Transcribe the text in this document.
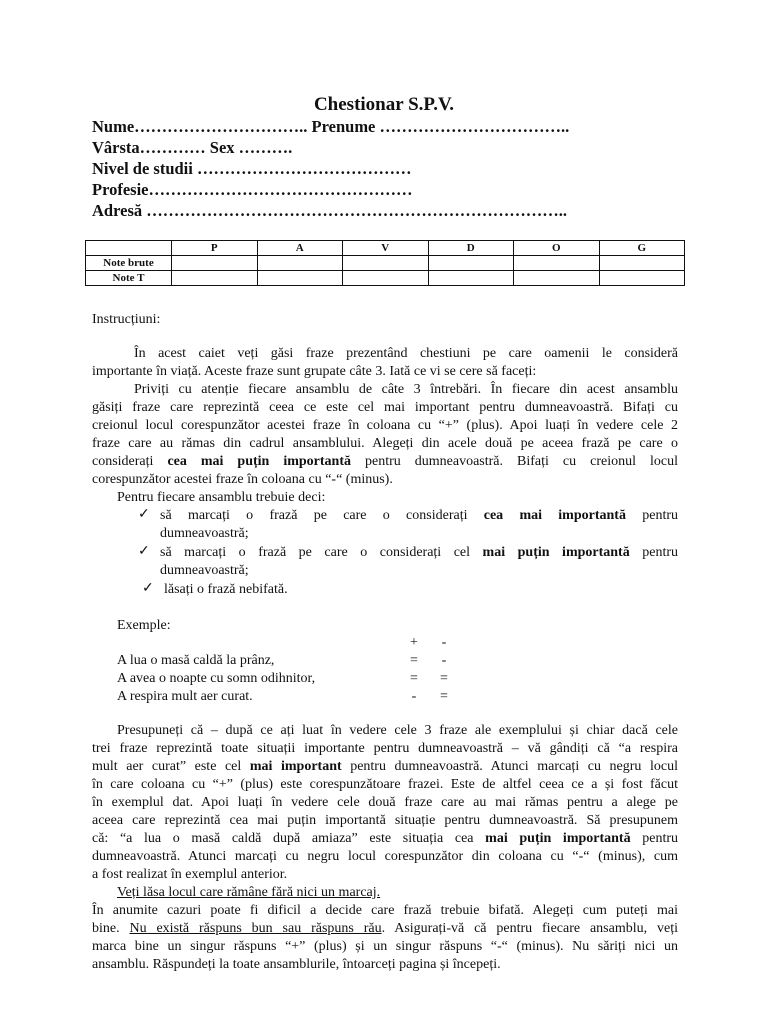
Chestionar S.P.V.
Nume………………………….. Prenume ……………………………..
Vârsta………… Sex ……….
Nivel de studii …………………………………
Profesie…………………………………………
Adresă …………………………………………………………………..
	P	A	V	D	O	G
Note brute						
Note T						
Instrucțiuni:
În acest caiet veți găsi fraze prezentând chestiuni pe care oamenii le consideră
importante în viață. Aceste fraze sunt grupate câte 3. Iată ce vi se cere să faceți:
Priviți cu atenție fiecare ansamblu de câte 3 întrebări. În fiecare din acest ansamblu
găsiți fraze care reprezintă ceea ce este cel mai important pentru dumneavoastră. Bifați cu
creionul locul corespunzător acestei fraze în coloana cu “+” (plus). Apoi luați în vedere cele 2
fraze care au rămas din cadrul ansamblului. Alegeți din acele două pe aceea frază pe care o
considerați cea mai puțin importantă pentru dumneavoastră. Bifați cu creionul locul
corespunzător acestei fraze în coloana cu “-“ (minus).
Pentru fiecare ansamblu trebuie deci:
✓ să marcați o frază pe care o considerați cea mai importantă pentru
dumneavoastră;
✓ să marcați o frază pe care o considerați cel mai puțin importantă pentru
dumneavoastră;
✓ lăsați o frază nebifată.
Exemple:
+	-
A lua o masă caldă la prânz,	=	-
A avea o noapte cu somn odihnitor,	=	=
A respira mult aer curat.	-	=
Presupuneți că – după ce ați luat în vedere cele 3 fraze ale exemplului și chiar dacă cele
trei fraze reprezintă toate situații importante pentru dumneavoastră – vă gândiți că “a respira
mult aer curat” este cel mai important pentru dumneavoastră. Atunci marcați cu negru locul
în care coloana cu “+” (plus) este corespunzătoare frazei. Este de altfel ceea ce a și fost făcut
în exemplul dat. Apoi luați în vedere cele două fraze care au mai rămas pentru a alege pe
aceea care reprezintă cea mai puțin importantă situație pentru dumneavoastră. Să presupunem
că: “a lua o masă caldă după amiaza” este situația cea mai puțin importantă pentru
dumneavoastră. Atunci marcați cu negru locul corespunzător din coloana cu “-“ (minus), cum
a fost realizat în exemplul anterior.
Veți lăsa locul care rămâne fără nici un marcaj.
În anumite cazuri poate fi dificil a decide care frază trebuie bifată. Alegeți cum puteți mai
bine. Nu există răspuns bun sau răspuns rău. Asigurați-vă că pentru fiecare ansamblu, veți
marca bine un singur răspuns “+” (plus) și un singur răspuns “-“ (minus). Nu săriți nici un
ansamblu. Răspundeți la toate ansamblurile, întoarceți pagina și începeți.
